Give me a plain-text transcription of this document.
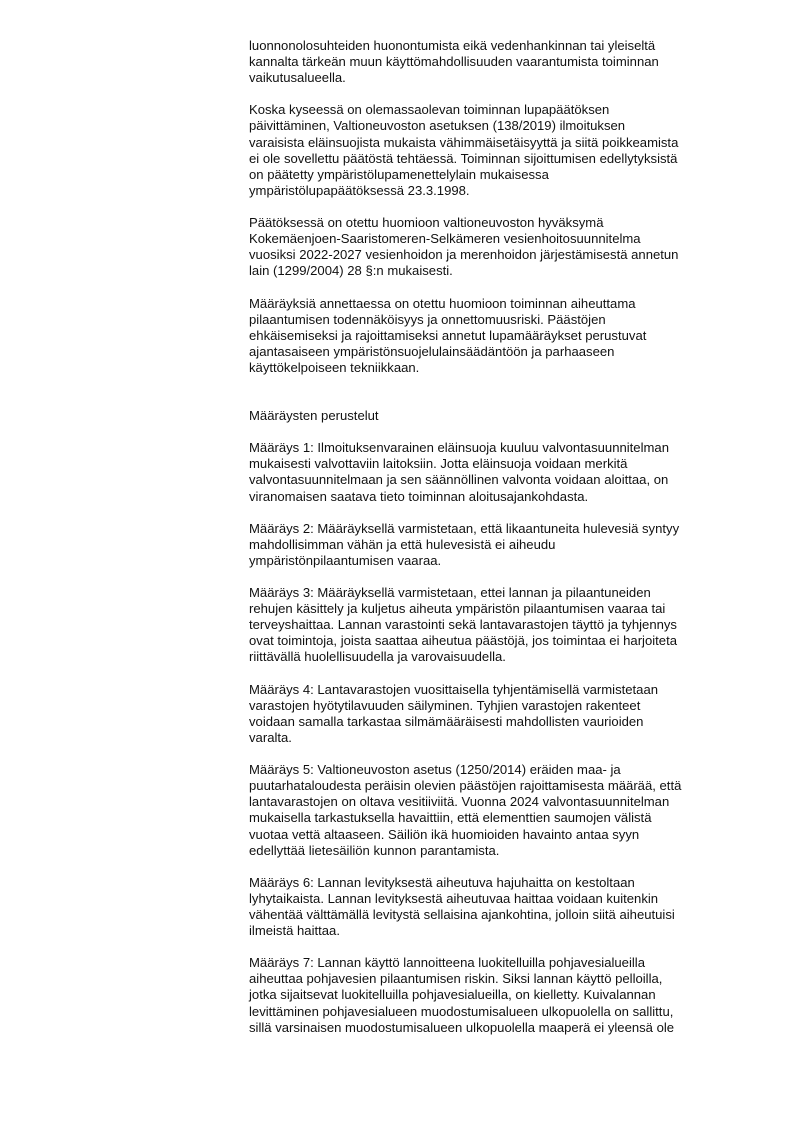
luonnonolosuhteiden huonontumista eikä vedenhankinnan tai yleiseltä
kannalta tärkeän muun käyttömahdollisuuden vaarantumista toiminnan
vaikutusalueella.
Koska kyseessä on olemassaolevan toiminnan lupapäätöksen
päivittäminen, Valtioneuvoston asetuksen (138/2019) ilmoituksen
varaisista eläinsuojista mukaista vähimmäisetäisyyttä ja siitä poikkeamista
ei ole sovellettu päätöstä tehtäessä. Toiminnan sijoittumisen edellytyksistä
on päätetty ympäristölupamenettelylain mukaisessa
ympäristölupapäätöksessä 23.3.1998.
Päätöksessä on otettu huomioon valtioneuvoston hyväksymä
Kokemäenjoen-Saaristomeren-Selkämeren vesienhoitosuunnitelma
vuosiksi 2022-2027 vesienhoidon ja merenhoidon järjestämisestä annetun
lain (1299/2004) 28 §:n mukaisesti.
Määräyksiä annettaessa on otettu huomioon toiminnan aiheuttama
pilaantumisen todennäköisyys ja onnettomuusriski. Päästöjen
ehkäisemiseksi ja rajoittamiseksi annetut lupamääräykset perustuvat
ajantasaiseen ympäristönsuojelulainsäädäntöön ja parhaaseen
käyttökelpoiseen tekniikkaan.
Määräysten perustelut
Määräys 1: Ilmoituksenvarainen eläinsuoja kuuluu valvontasuunnitelman
mukaisesti valvottaviin laitoksiin. Jotta eläinsuoja voidaan merkitä
valvontasuunnitelmaan ja sen säännöllinen valvonta voidaan aloittaa, on
viranomaisen saatava tieto toiminnan aloitusajankohdasta.
Määräys 2: Määräyksellä varmistetaan, että likaantuneita hulevesiä syntyy
mahdollisimman vähän ja että hulevesistä ei aiheudu
ympäristönpilaantumisen vaaraa.
Määräys 3: Määräyksellä varmistetaan, ettei lannan ja pilaantuneiden
rehujen käsittely ja kuljetus aiheuta ympäristön pilaantumisen vaaraa tai
terveyshaittaa. Lannan varastointi sekä lantavarastojen täyttö ja tyhjennys
ovat toimintoja, joista saattaa aiheutua päästöjä, jos toimintaa ei harjoiteta
riittävällä huolellisuudella ja varovaisuudella.
Määräys 4: Lantavarastojen vuosittaisella tyhjentämisellä varmistetaan
varastojen hyötytilavuuden säilyminen. Tyhjien varastojen rakenteet
voidaan samalla tarkastaa silmämääräisesti mahdollisten vaurioiden
varalta.
Määräys 5: Valtioneuvoston asetus (1250/2014) eräiden maa- ja
puutarhataloudesta peräisin olevien päästöjen rajoittamisesta määrää, että
lantavarastojen on oltava vesitiiviitä. Vuonna 2024 valvontasuunnitelman
mukaisella tarkastuksella havaittiin, että elementtien saumojen välistä
vuotaa vettä altaaseen. Säiliön ikä huomioiden havainto antaa syyn
edellyttää lietesäiliön kunnon parantamista.
Määräys 6: Lannan levityksestä aiheutuva hajuhaitta on kestoltaan
lyhytaikaista. Lannan levityksestä aiheutuvaa haittaa voidaan kuitenkin
vähentää välttämällä levitystä sellaisina ajankohtina, jolloin siitä aiheutuisi
ilmeistä haittaa.
Määräys 7: Lannan käyttö lannoitteena luokitelluilla pohjavesialueilla
aiheuttaa pohjavesien pilaantumisen riskin. Siksi lannan käyttö pelloilla,
jotka sijaitsevat luokitelluilla pohjavesialueilla, on kielletty. Kuivalannan
levittäminen pohjavesialueen muodostumisalueen ulkopuolella on sallittu,
sillä varsinaisen muodostumisalueen ulkopuolella maaperä ei yleensä ole
